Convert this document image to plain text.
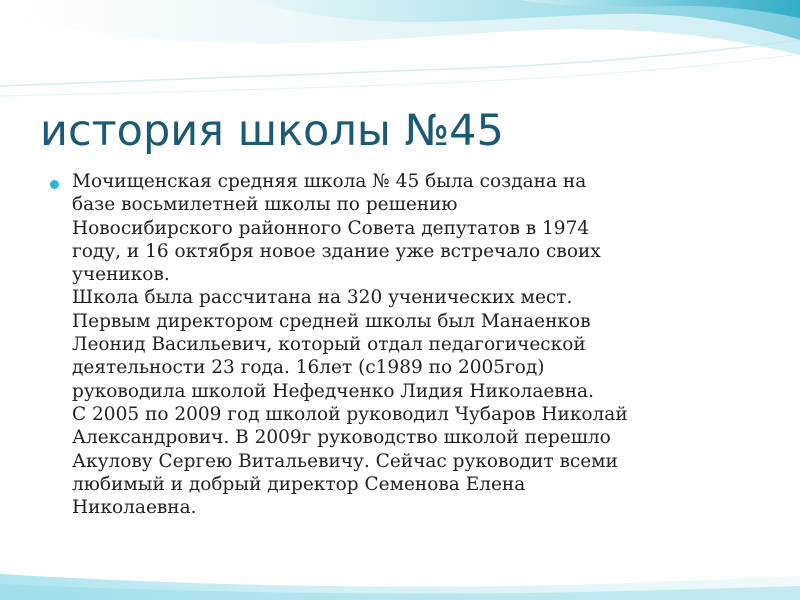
история школы №45
Мочищенская средняя школа № 45 была создана на
базе восьмилетней школы по решению
Новосибирского районного Совета депутатов в 1974
году, и 16 октября новое здание уже встречало своих
учеников.
Школа была рассчитана на 320 ученических мест.
Первым директором средней школы был Манаенков
Леонид Васильевич, который отдал педагогической
деятельности 23 года. 16лет (с1989 по 2005год)
руководила школой Нефедченко Лидия Николаевна.
С 2005 по 2009 год школой руководил Чубаров Николай
Александрович. В 2009г руководство школой перешло
Акулову Сергею Витальевичу. Сейчас руководит всеми
любимый и добрый директор Семенова Елена
Николаевна.
